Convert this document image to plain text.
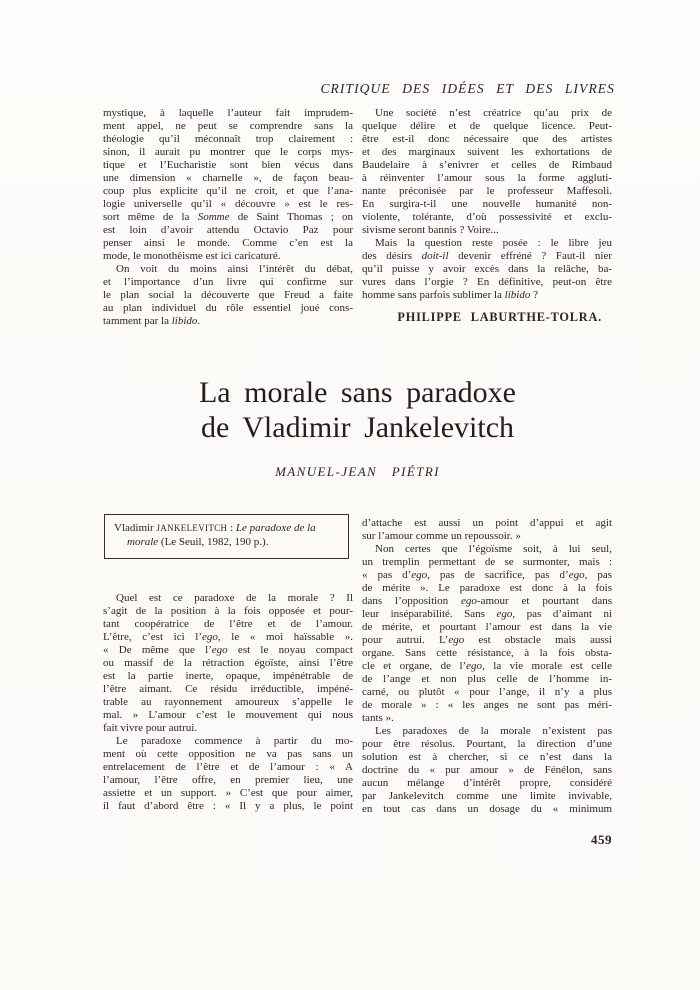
CRITIQUE DES IDÉES ET DES LIVRES
mystique, à laquelle l’auteur fait imprudem-
ment appel, ne peut se comprendre sans la
théologie qu’il méconnaît trop clairement :
sinon, il aurait pu montrer que le corps mys-
tique et l’Eucharistie sont bien vécus dans
une dimension « charnelle », de façon beau-
coup plus explicite qu’il ne croit, et que l’ana-
logie universelle qu’il « découvre » est le res-
sort même de la Somme de Saint Thomas ; on
est loin d’avoir attendu Octavio Paz pour
penser ainsi le monde. Comme c’en est la
mode, le monothéisme est ici caricaturé.
On voit du moins ainsi l’intérêt du débat,
et l’importance d’un livre qui confirme sur
le plan social la découverte que Freud a faite
au plan individuel du rôle essentiel joué cons-
tamment par la libido.
Une société n’est créatrice qu’au prix de
quelque délire et de quelque licence. Peut-
être est-il donc nécessaire que des artistes
et des marginaux suivent les exhortations de
Baudelaire à s’enivrer et celles de Rimbaud
à réinventer l’amour sous la forme aggluti-
nante préconisée par le professeur Maffesoli.
En surgira-t-il une nouvelle humanité non-
violente, tolérante, d’où possessivité et exclu-
sivisme seront bannis ? Voire...
Mais la question reste posée : le libre jeu
des désirs doit-il devenir effréné ? Faut-il nier
qu’il puisse y avoir excès dans la relâche, ba-
vures dans l’orgie ? En définitive, peut-on être
homme sans parfois sublimer la libido ?
PHILIPPE LABURTHE-TOLRA.
La morale sans paradoxe
de Vladimir Jankelevitch
MANUEL-JEAN PIÉTRI
Vladimir JANKELEVITCH : Le paradoxe de la
morale (Le Seuil, 1982, 190 p.).
Quel est ce paradoxe de la morale ? Il
s’agit de la position à la fois opposée et pour-
tant coopératrice de l’être et de l’amour.
L’être, c’est ici l’ego, le « moi haïssable ».
« De même que l’ego est le noyau compact
ou massif de la rétraction égoïste, ainsi l’être
est la partie inerte, opaque, impénétrable de
l’être aimant. Ce résidu irréductible, impéné-
trable au rayonnement amoureux s’appelle le
mal. » L’amour c’est le mouvement qui nous
fait vivre pour autrui.
Le paradoxe commence à partir du mo-
ment où cette opposition ne va pas sans un
entrelacement de l’être et de l’amour : « A
l’amour, l’être offre, en premier lieu, une
assiette et un support. » C’est que pour aimer,
il faut d’abord être : « Il y a plus, le point
d’attache est aussi un point d’appui et agit
sur l’amour comme un repoussoir. »
Non certes que l’égoïsme soit, à lui seul,
un tremplin permettant de se surmonter, mais :
« pas d’ego, pas de sacrifice, pas d’ego, pas
de mérite ». Le paradoxe est donc à la fois
dans l’opposition ego-amour et pourtant dans
leur inséparabilité. Sans ego, pas d’aimant ni
de mérite, et pourtant l’amour est dans la vie
pour autrui. L’ego est obstacle mais aussi
organe. Sans cette résistance, à la fois obsta-
cle et organe, de l’ego, la vie morale est celle
de l’ange et non plus celle de l’homme in-
carné, ou plutôt « pour l’ange, il n’y a plus
de morale » : « les anges ne sont pas méri-
tants ».
Les paradoxes de la morale n’existent pas
pour être résolus. Pourtant, la direction d’une
solution est à chercher, si ce n’est dans la
doctrine du « pur amour » de Fénélon, sans
aucun mélange d’intérêt propre, considéré
par Jankelevitch comme une limite invivable,
en tout cas dans un dosage du « minimum
459
